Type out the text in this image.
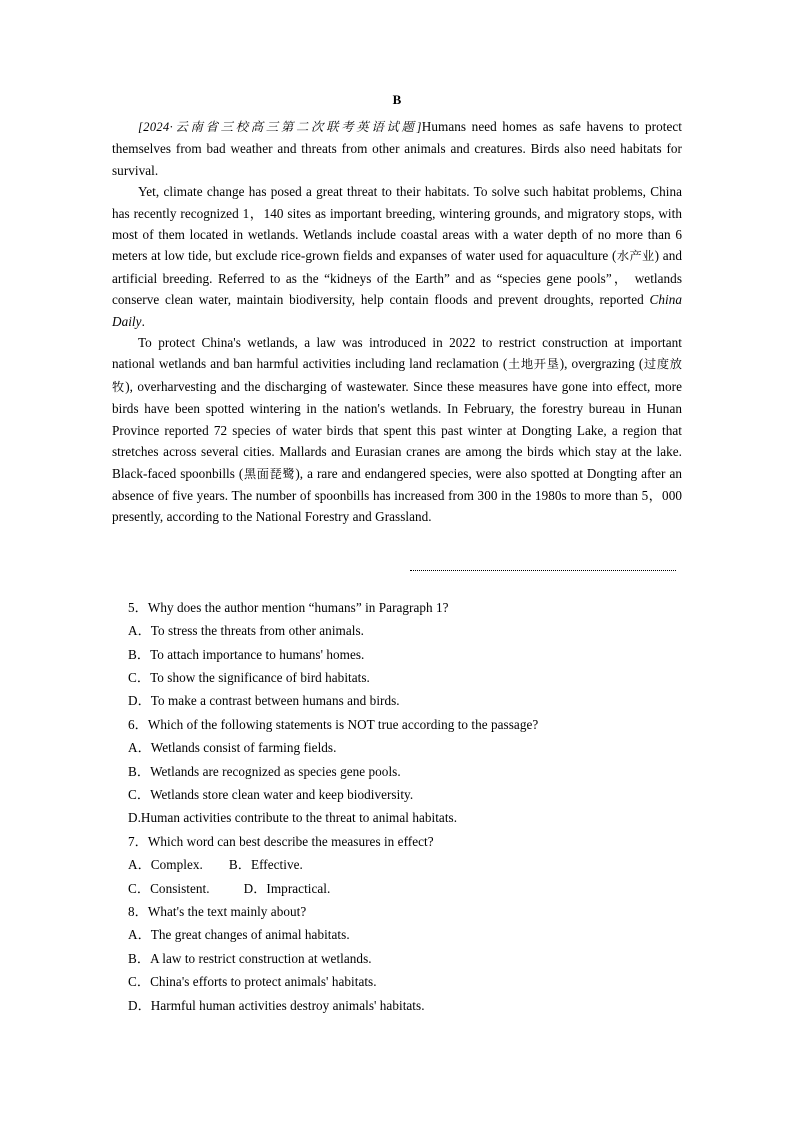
B

[2024·云南省三校高三第二次联考英语试题]Humans need homes as safe havens to protect themselves from bad weather and threats from other animals and creatures. Birds also need habitats for survival.

Yet, climate change has posed a great threat to their habitats. To solve such habitat problems, China has recently recognized 1，140 sites as important breeding, wintering grounds, and migratory stops, with most of them located in wetlands. Wetlands include coastal areas with a water depth of no more than 6 meters at low tide, but exclude rice-grown fields and expanses of water used for aquaculture (水产业) and artificial breeding. Referred to as the “kidneys of the Earth” and as “species gene pools”， wetlands conserve clean water, maintain biodiversity, help contain floods and prevent droughts, reported China Daily.

To protect China's wetlands, a law was introduced in 2022 to restrict construction at important national wetlands and ban harmful activities including land reclamation (土地开垦), overgrazing (过度放牧), overharvesting and the discharging of wastewater. Since these measures have gone into effect, more birds have been spotted wintering in the nation's wetlands. In February, the forestry bureau in Hunan Province reported 72 species of water birds that spent this past winter at Dongting Lake, a region that stretches across several cities. Mallards and Eurasian cranes are among the birds which stay at the lake. Black-faced spoonbills (黑面琵鹭), a rare and endangered species, were also spotted at Dongting after an absence of five years. The number of spoonbills has increased from 300 in the 1980s to more than 5，000 presently, according to the National Forestry and Grassland.

5．Why does the author mention “humans” in Paragraph 1?

A．To stress the threats from other animals.

B．To attach importance to humans' homes.

C．To show the significance of bird habitats.

D．To make a contrast between humans and birds.

6．Which of the following statements is NOT true according to the passage?

A．Wetlands consist of farming fields.

B．Wetlands are recognized as species gene pools.

C．Wetlands store clean water and keep biodiversity.

D.Human activities contribute to the threat to animal habitats.

7．Which word can best describe the measures in effect?

A．Complex. B．Effective.

C．Consistent.	D．Impractical.

8．What's the text mainly about?

A．The great changes of animal habitats.

B．A law to restrict construction at wetlands.

C．China's efforts to protect animals' habitats.

D．Harmful human activities destroy animals' habitats.
